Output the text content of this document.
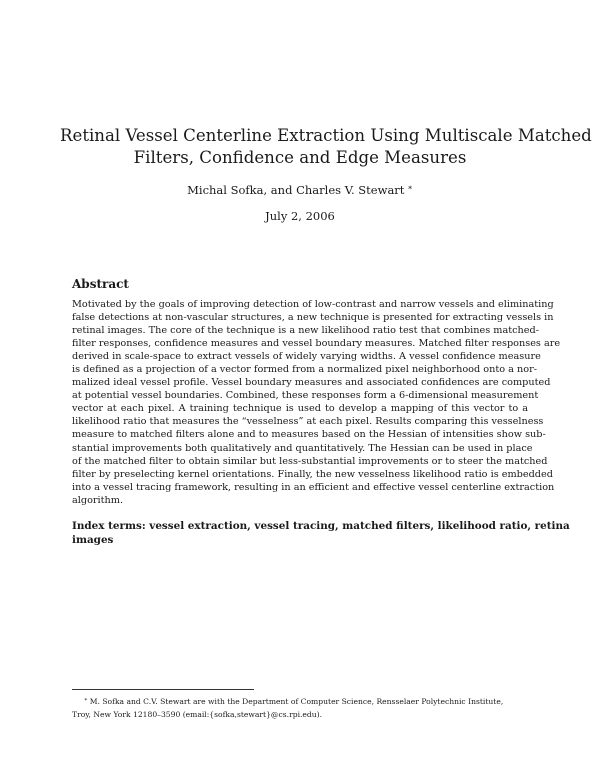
Retinal Vessel Centerline Extraction Using Multiscale Matched
Filters, Confidence and Edge Measures
Michal Sofka, and Charles V. Stewart ∗
July 2, 2006
Abstract
Motivated by the goals of improving detection of low-contrast and narrow vessels and eliminating
false detections at non-vascular structures, a new technique is presented for extracting vessels in
retinal images. The core of the technique is a new likelihood ratio test that combines matched-
filter responses, confidence measures and vessel boundary measures. Matched filter responses are
derived in scale-space to extract vessels of widely varying widths. A vessel confidence measure
is defined as a projection of a vector formed from a normalized pixel neighborhood onto a nor-
malized ideal vessel profile. Vessel boundary measures and associated confidences are computed
at potential vessel boundaries. Combined, these responses form a 6-dimensional measurement
vector at each pixel. A training technique is used to develop a mapping of this vector to a
likelihood ratio that measures the “vesselness” at each pixel. Results comparing this vesselness
measure to matched filters alone and to measures based on the Hessian of intensities show sub-
stantial improvements both qualitatively and quantitatively. The Hessian can be used in place
of the matched filter to obtain similar but less-substantial improvements or to steer the matched
filter by preselecting kernel orientations. Finally, the new vesselness likelihood ratio is embedded
into a vessel tracing framework, resulting in an efficient and effective vessel centerline extraction
algorithm.
Index terms: vessel extraction, vessel tracing, matched filters, likelihood ratio, retina
images
∗ M. Sofka and C.V. Stewart are with the Department of Computer Science, Rensselaer Polytechnic Institute,
Troy, New York 12180–3590 (email:{sofka,stewart}@cs.rpi.edu).
